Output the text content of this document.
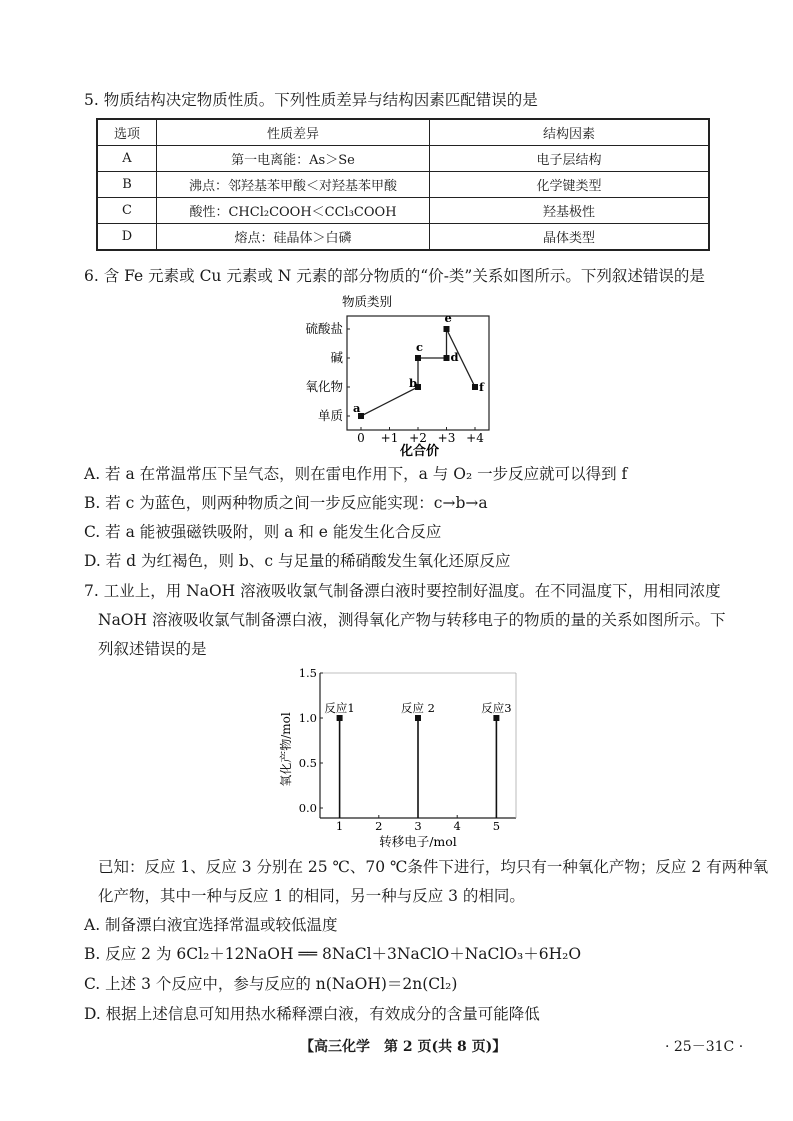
5. 物质结构决定物质性质。下列性质差异与结构因素匹配错误的是
选项	性质差异	结构因素
A	第一电离能：As＞Se	电子层结构
B	沸点：邻羟基苯甲酸＜对羟基苯甲酸	化学键类型
C	酸性：CHCl₂COOH＜CCl₃COOH	羟基极性
D	熔点：硅晶体＞白磷	晶体类型
6. 含 Fe 元素或 Cu 元素或 N 元素的部分物质的“价-类”关系如图所示。下列叙述错误的是
物质类别
化合价
0 +1 +2 +3 +4
单质
氧化物
碱
硫酸盐
a
b
c
d
e
f
A. 若 a 在常温常压下呈气态，则在雷电作用下，a 与 O₂ 一步反应就可以得到 f
B. 若 c 为蓝色，则两种物质之间一步反应能实现：c→b→a
C. 若 a 能被强磁铁吸附，则 a 和 e 能发生化合反应
D. 若 d 为红褐色，则 b、c 与足量的稀硝酸发生氧化还原反应
7. 工业上，用 NaOH 溶液吸收氯气制备漂白液时要控制好温度。在不同温度下，用相同浓度
NaOH 溶液吸收氯气制备漂白液，测得氧化产物与转移电子的物质的量的关系如图所示。下
列叙述错误的是
0.0
0.5
1.0
1.5
1	2	3	4	5
转移电子/mol
氧化产物/mol
反应1	反应 2	反应3
已知：反应 1、反应 3 分别在 25 ℃、70 ℃条件下进行，均只有一种氧化产物；反应 2 有两种氧
化产物，其中一种与反应 1 的相同，另一种与反应 3 的相同。
A. 制备漂白液宜选择常温或较低温度
B. 反应 2 为 6Cl₂＋12NaOH ══ 8NaCl＋3NaClO＋NaClO₃＋6H₂O
C. 上述 3 个反应中，参与反应的 n(NaOH)＝2n(Cl₂)
D. 根据上述信息可知用热水稀释漂白液，有效成分的含量可能降低
【高三化学　第 2 页(共 8 页)】	· 25－31C ·
